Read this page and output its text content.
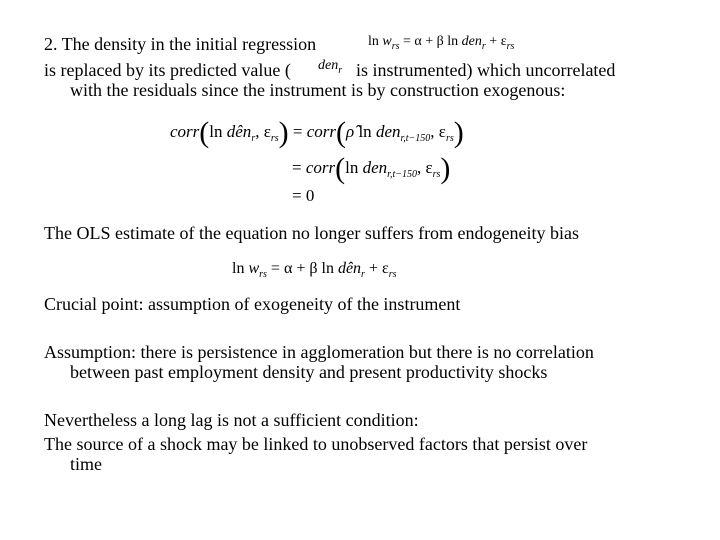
2. The density in the initial regression	$\ln w_{rs} = \alpha + \beta$ $\ln den_r + \varepsilon_{rs}$
is replaced by its predicted value ( den$_r$ is instrumented) which uncorrelated
with the residuals since the instrument is by construction exogenous:
corr(ln dên$_r$, $\varepsilon_{rs}$) = corr(ρ̂ ln den$_{r,t-150}$, $\varepsilon_{rs}$)
= corr(ln den$_{r,t-150}$, $\varepsilon_{rs}$)
= 0
The OLS estimate of the equation no longer suffers from endogeneity bias
$\ln w_{rs} = \alpha + \beta$ ln dên$_r$ + $\varepsilon_{rs}$
Crucial point: assumption of exogeneity of the instrument
Assumption: there is persistence in agglomeration but there is no correlation
between past employment density and present productivity shocks
Nevertheless a long lag is not a sufficient condition:
The source of a shock may be linked to unobserved factors that persist over
time
